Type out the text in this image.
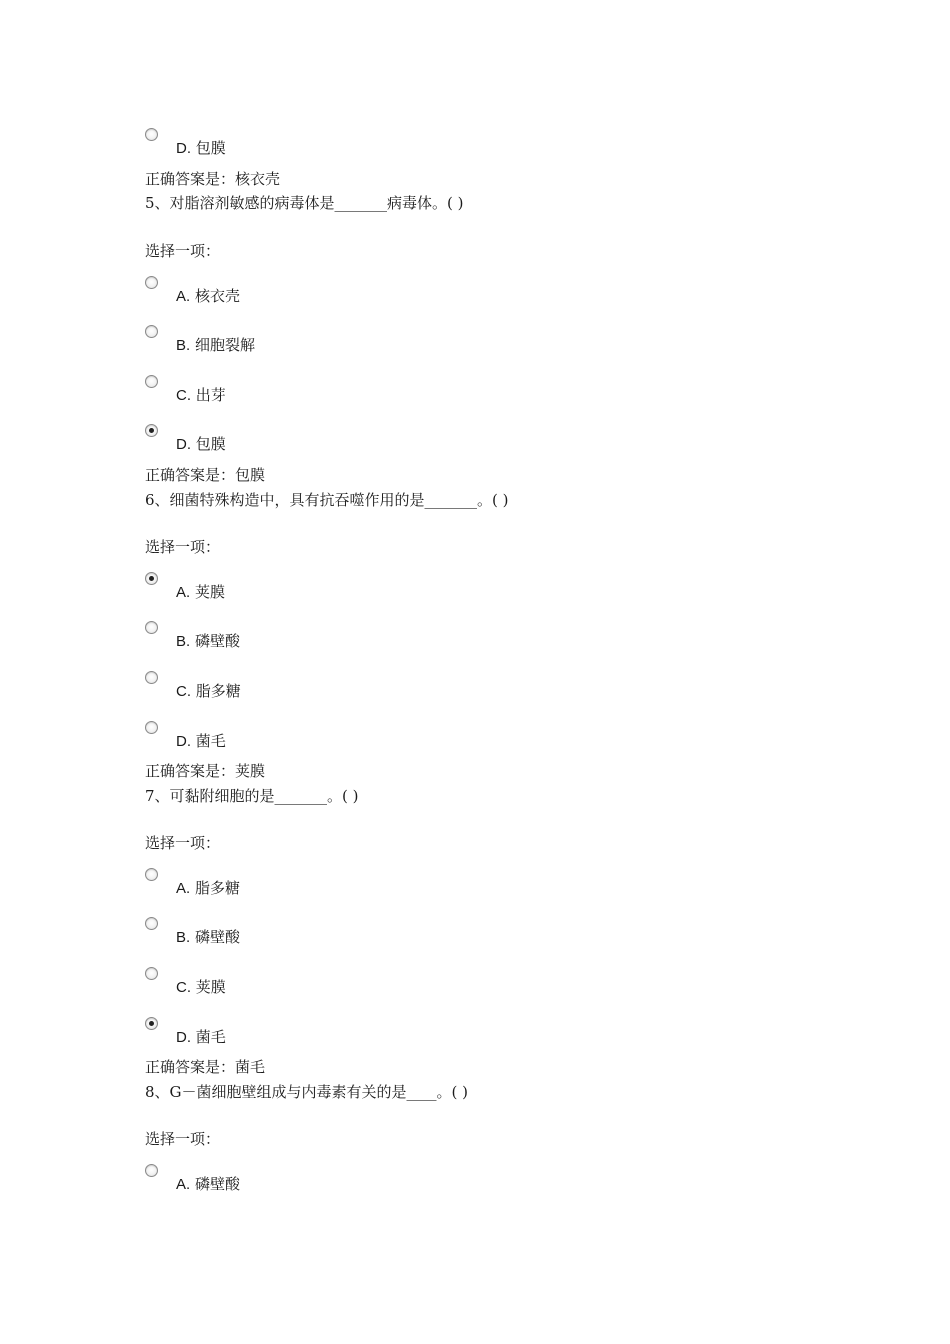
D. 包膜
正确答案是：核衣壳
5、对脂溶剂敏感的病毒体是_______病毒体。( )
选择一项：
A. 核衣壳
B. 细胞裂解
C. 出芽
D. 包膜
正确答案是：包膜
6、细菌特殊构造中，具有抗吞噬作用的是_______。( )
选择一项：
A. 荚膜
B. 磷壁酸
C. 脂多糖
D. 菌毛
正确答案是：荚膜
7、可黏附细胞的是_______。( )
选择一项：
A. 脂多糖
B. 磷壁酸
C. 荚膜
D. 菌毛
正确答案是：菌毛
8、G－菌细胞壁组成与内毒素有关的是____。( )
选择一项：
A. 磷壁酸
